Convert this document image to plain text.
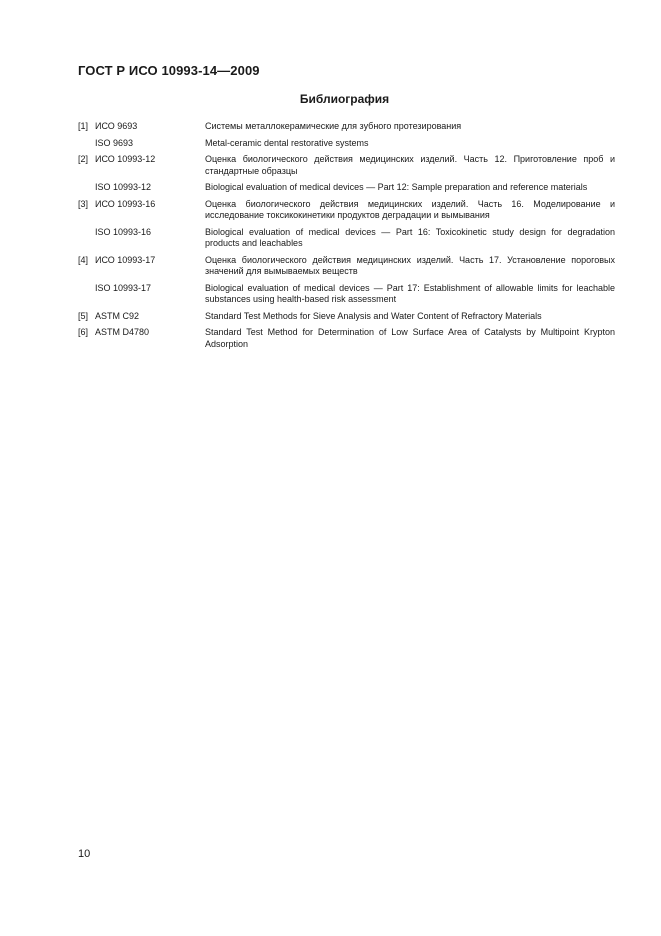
ГОСТ Р ИСО 10993-14—2009
Библиография
[1] ИСО 9693	Системы металлокерамические для зубного протезирования
ISO 9693	Metal-ceramic dental restorative systems
[2] ИСО 10993-12	Оценка биологического действия медицинских изделий. Часть 12. Приготовление проб и стандартные образцы
ISO 10993-12	Biological evaluation of medical devices — Part 12: Sample preparation and reference materials
[3] ИСО 10993-16	Оценка биологического действия медицинских изделий. Часть 16. Моделирование и исследование токсикокинетики продуктов деградации и вымывания
ISO 10993-16	Biological evaluation of medical devices — Part 16: Toxicokinetic study design for degradation products and leachables
[4] ИСО 10993-17	Оценка биологического действия медицинских изделий. Часть 17. Установление пороговых значений для вымываемых веществ
ISO 10993-17	Biological evaluation of medical devices — Part 17: Establishment of allowable limits for leachable substances using health-based risk assessment
[5] ASTM C92	Standard Test Methods for Sieve Analysis and Water Content of Refractory Materials
[6] ASTM D4780	Standard Test Method for Determination of Low Surface Area of Catalysts by Multipoint Krypton Adsorption
10
